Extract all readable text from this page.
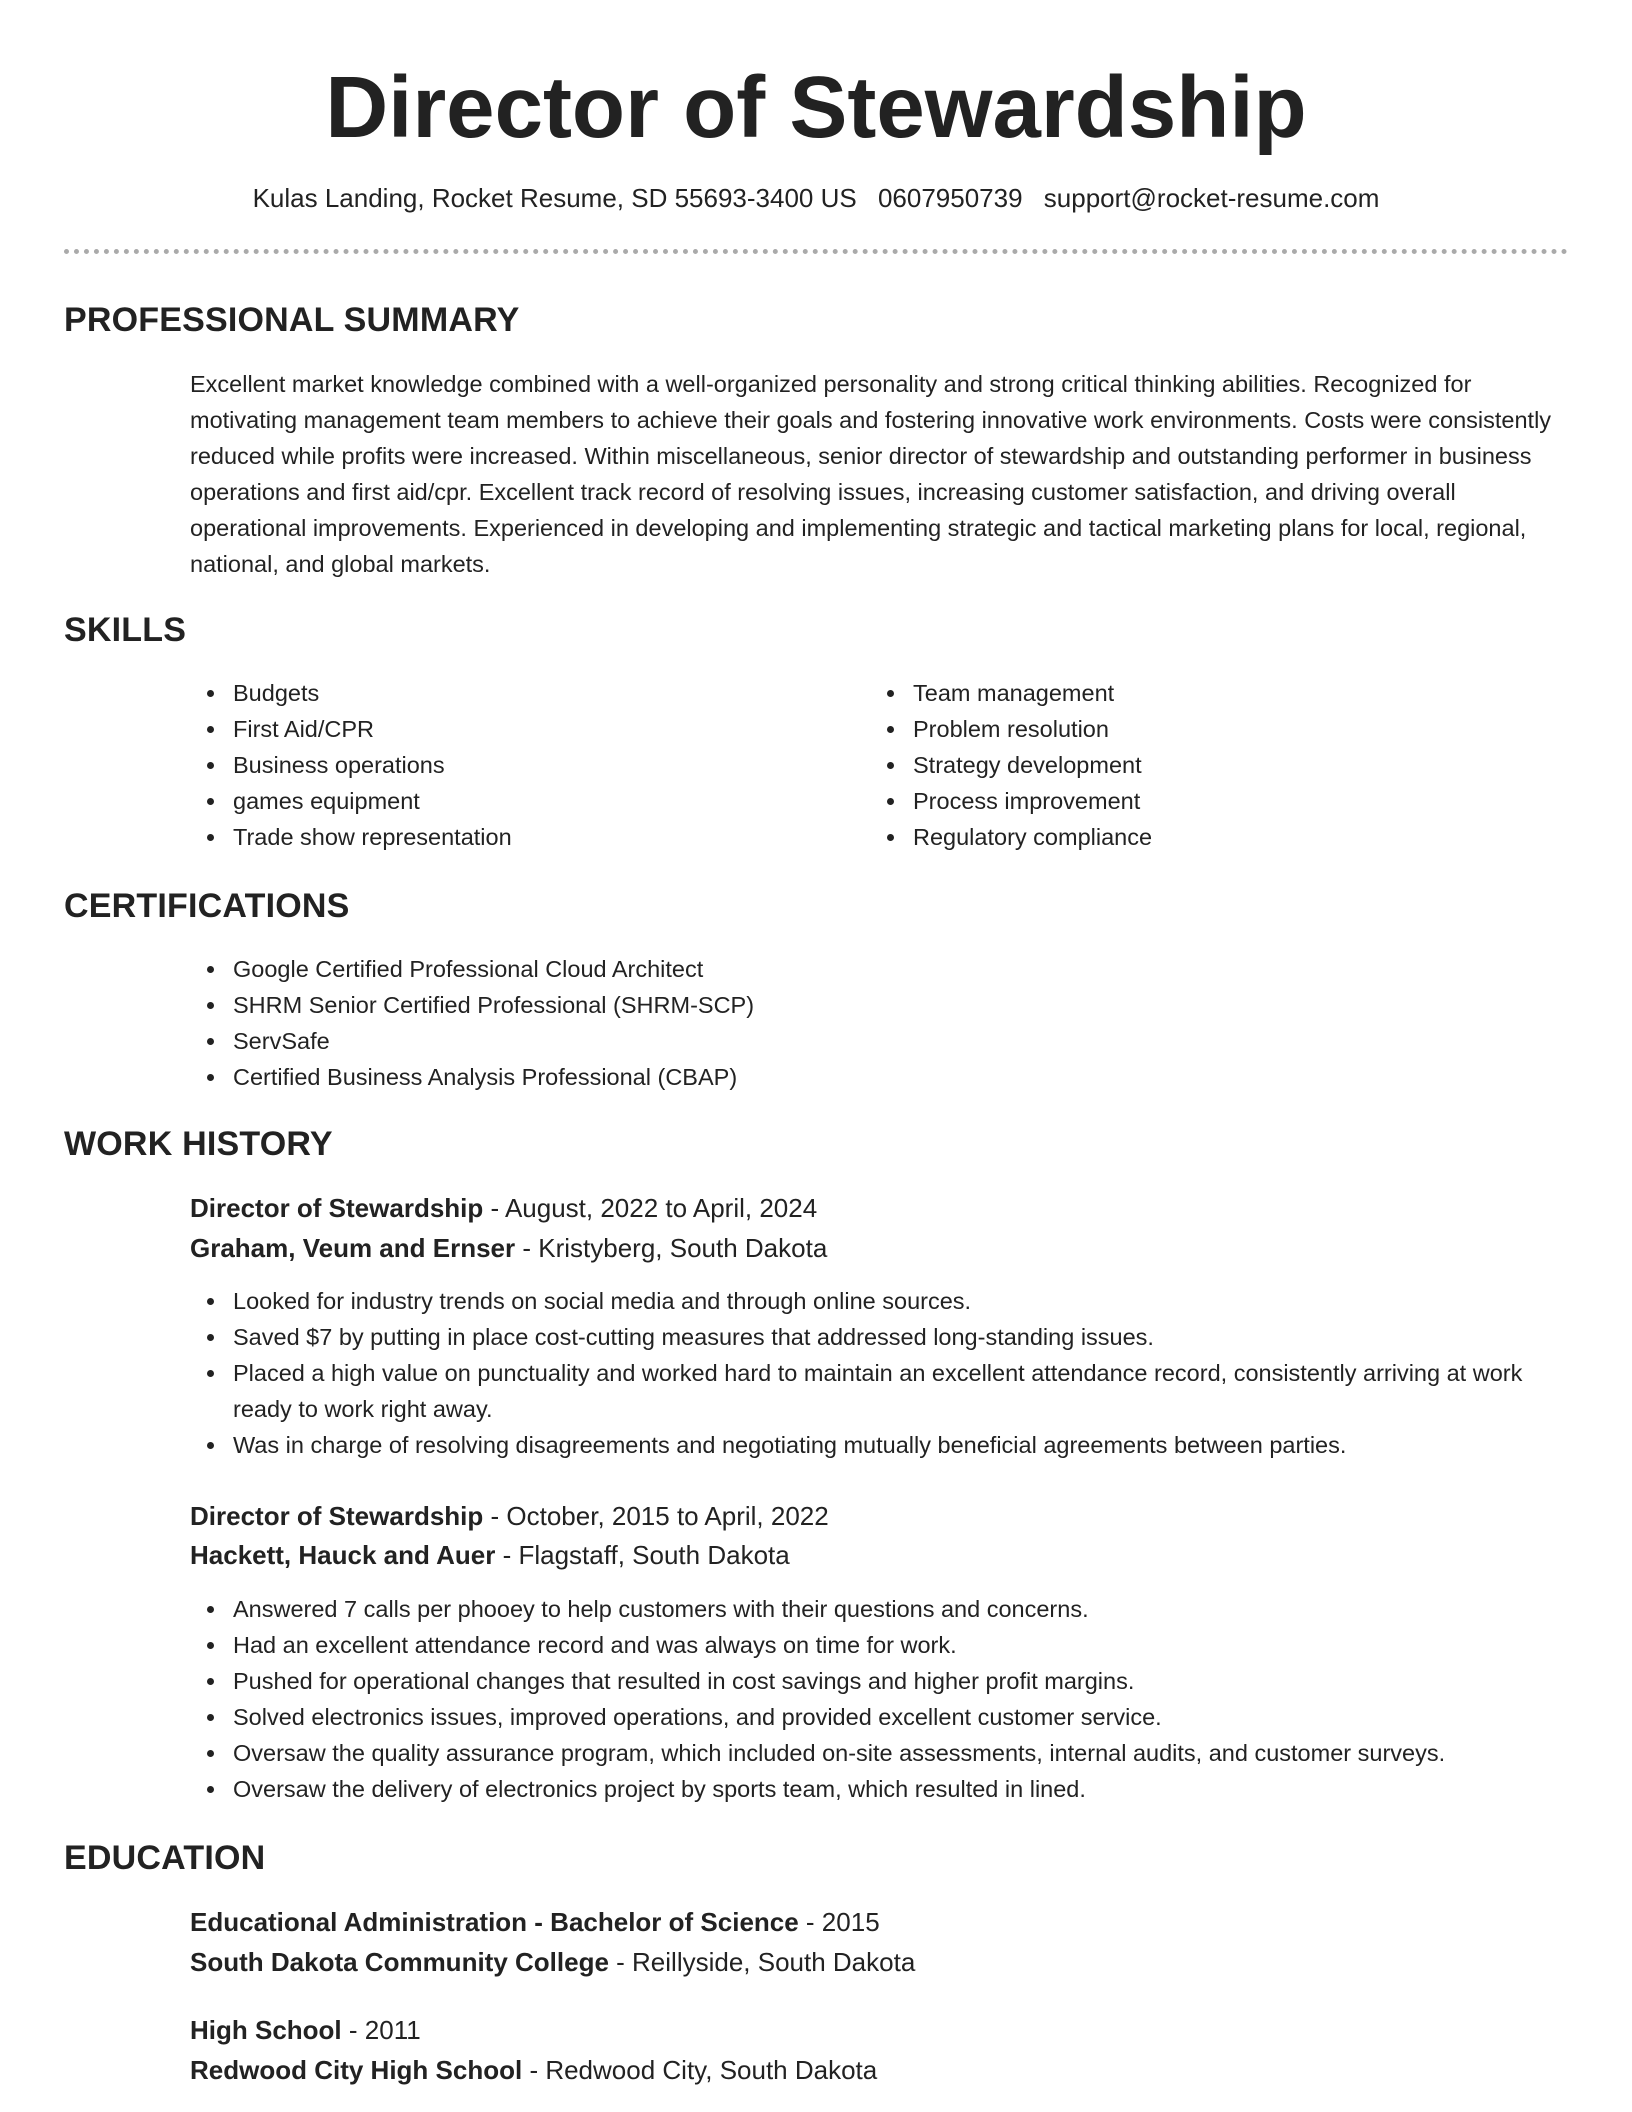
Director of Stewardship
Kulas Landing, Rocket Resume, SD 55693-3400 US 0607950739 support@rocket-resume.com
PROFESSIONAL SUMMARY

Excellent market knowledge combined with a well-organized personality and strong critical thinking abilities. Recognized for motivating management team members to achieve their goals and fostering innovative work environments. Costs were consistently reduced while profits were increased. Within miscellaneous, senior director of stewardship and outstanding performer in business operations and first aid/cpr. Excellent track record of resolving issues, increasing customer satisfaction, and driving overall operational improvements. Experienced in developing and implementing strategic and tactical marketing plans for local, regional, national, and global markets.

SKILLS
Budgets
First Aid/CPR
Business operations
games equipment
Trade show representation
Team management
Problem resolution
Strategy development
Process improvement
Regulatory compliance
CERTIFICATIONS
Google Certified Professional Cloud Architect
SHRM Senior Certified Professional (SHRM-SCP)
ServSafe
Certified Business Analysis Professional (CBAP)
WORK HISTORY
Director of Stewardship - August, 2022 to April, 2024
Graham, Veum and Ernser - Kristyberg, South Dakota
Looked for industry trends on social media and through online sources.
Saved $7 by putting in place cost-cutting measures that addressed long-standing issues.
Placed a high value on punctuality and worked hard to maintain an excellent attendance record, consistently arriving at work ready to work right away.
Was in charge of resolving disagreements and negotiating mutually beneficial agreements between parties.
Director of Stewardship - October, 2015 to April, 2022
Hackett, Hauck and Auer - Flagstaff, South Dakota
Answered 7 calls per phooey to help customers with their questions and concerns.
Had an excellent attendance record and was always on time for work.
Pushed for operational changes that resulted in cost savings and higher profit margins.
Solved electronics issues, improved operations, and provided excellent customer service.
Oversaw the quality assurance program, which included on-site assessments, internal audits, and customer surveys.
Oversaw the delivery of electronics project by sports team, which resulted in lined.
EDUCATION
Educational Administration - Bachelor of Science - 2015
South Dakota Community College - Reillyside, South Dakota
High School - 2011
Redwood City High School - Redwood City, South Dakota
